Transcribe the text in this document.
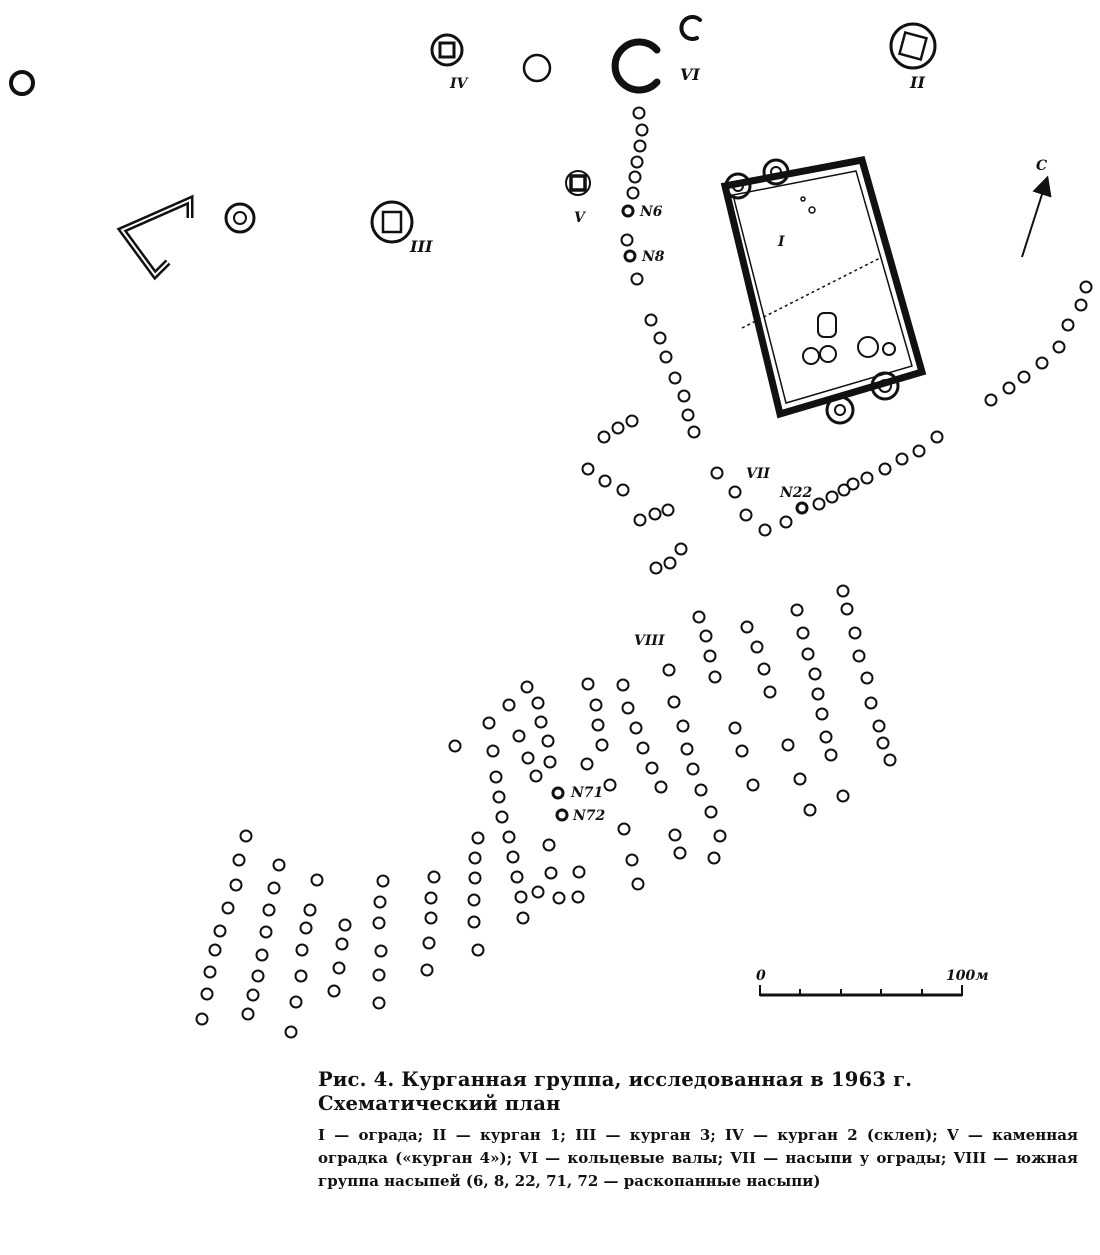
I
II
III
IV
V
VI
VII
VIII
N6
N8
N22
N71
N72
C
0	100м

Рис. 4. Курганная группа, исследованная в 1963 г.
Схематический план

I — ограда; II — курган 1; III — курган 3; IV — курган 2 (склеп); V — каменная оградка («курган 4»); VI — кольцевые валы; VII — насыпи у ограды; VIII — южная группа насыпей (6, 8, 22, 71, 72 — раскопанные насыпи)
